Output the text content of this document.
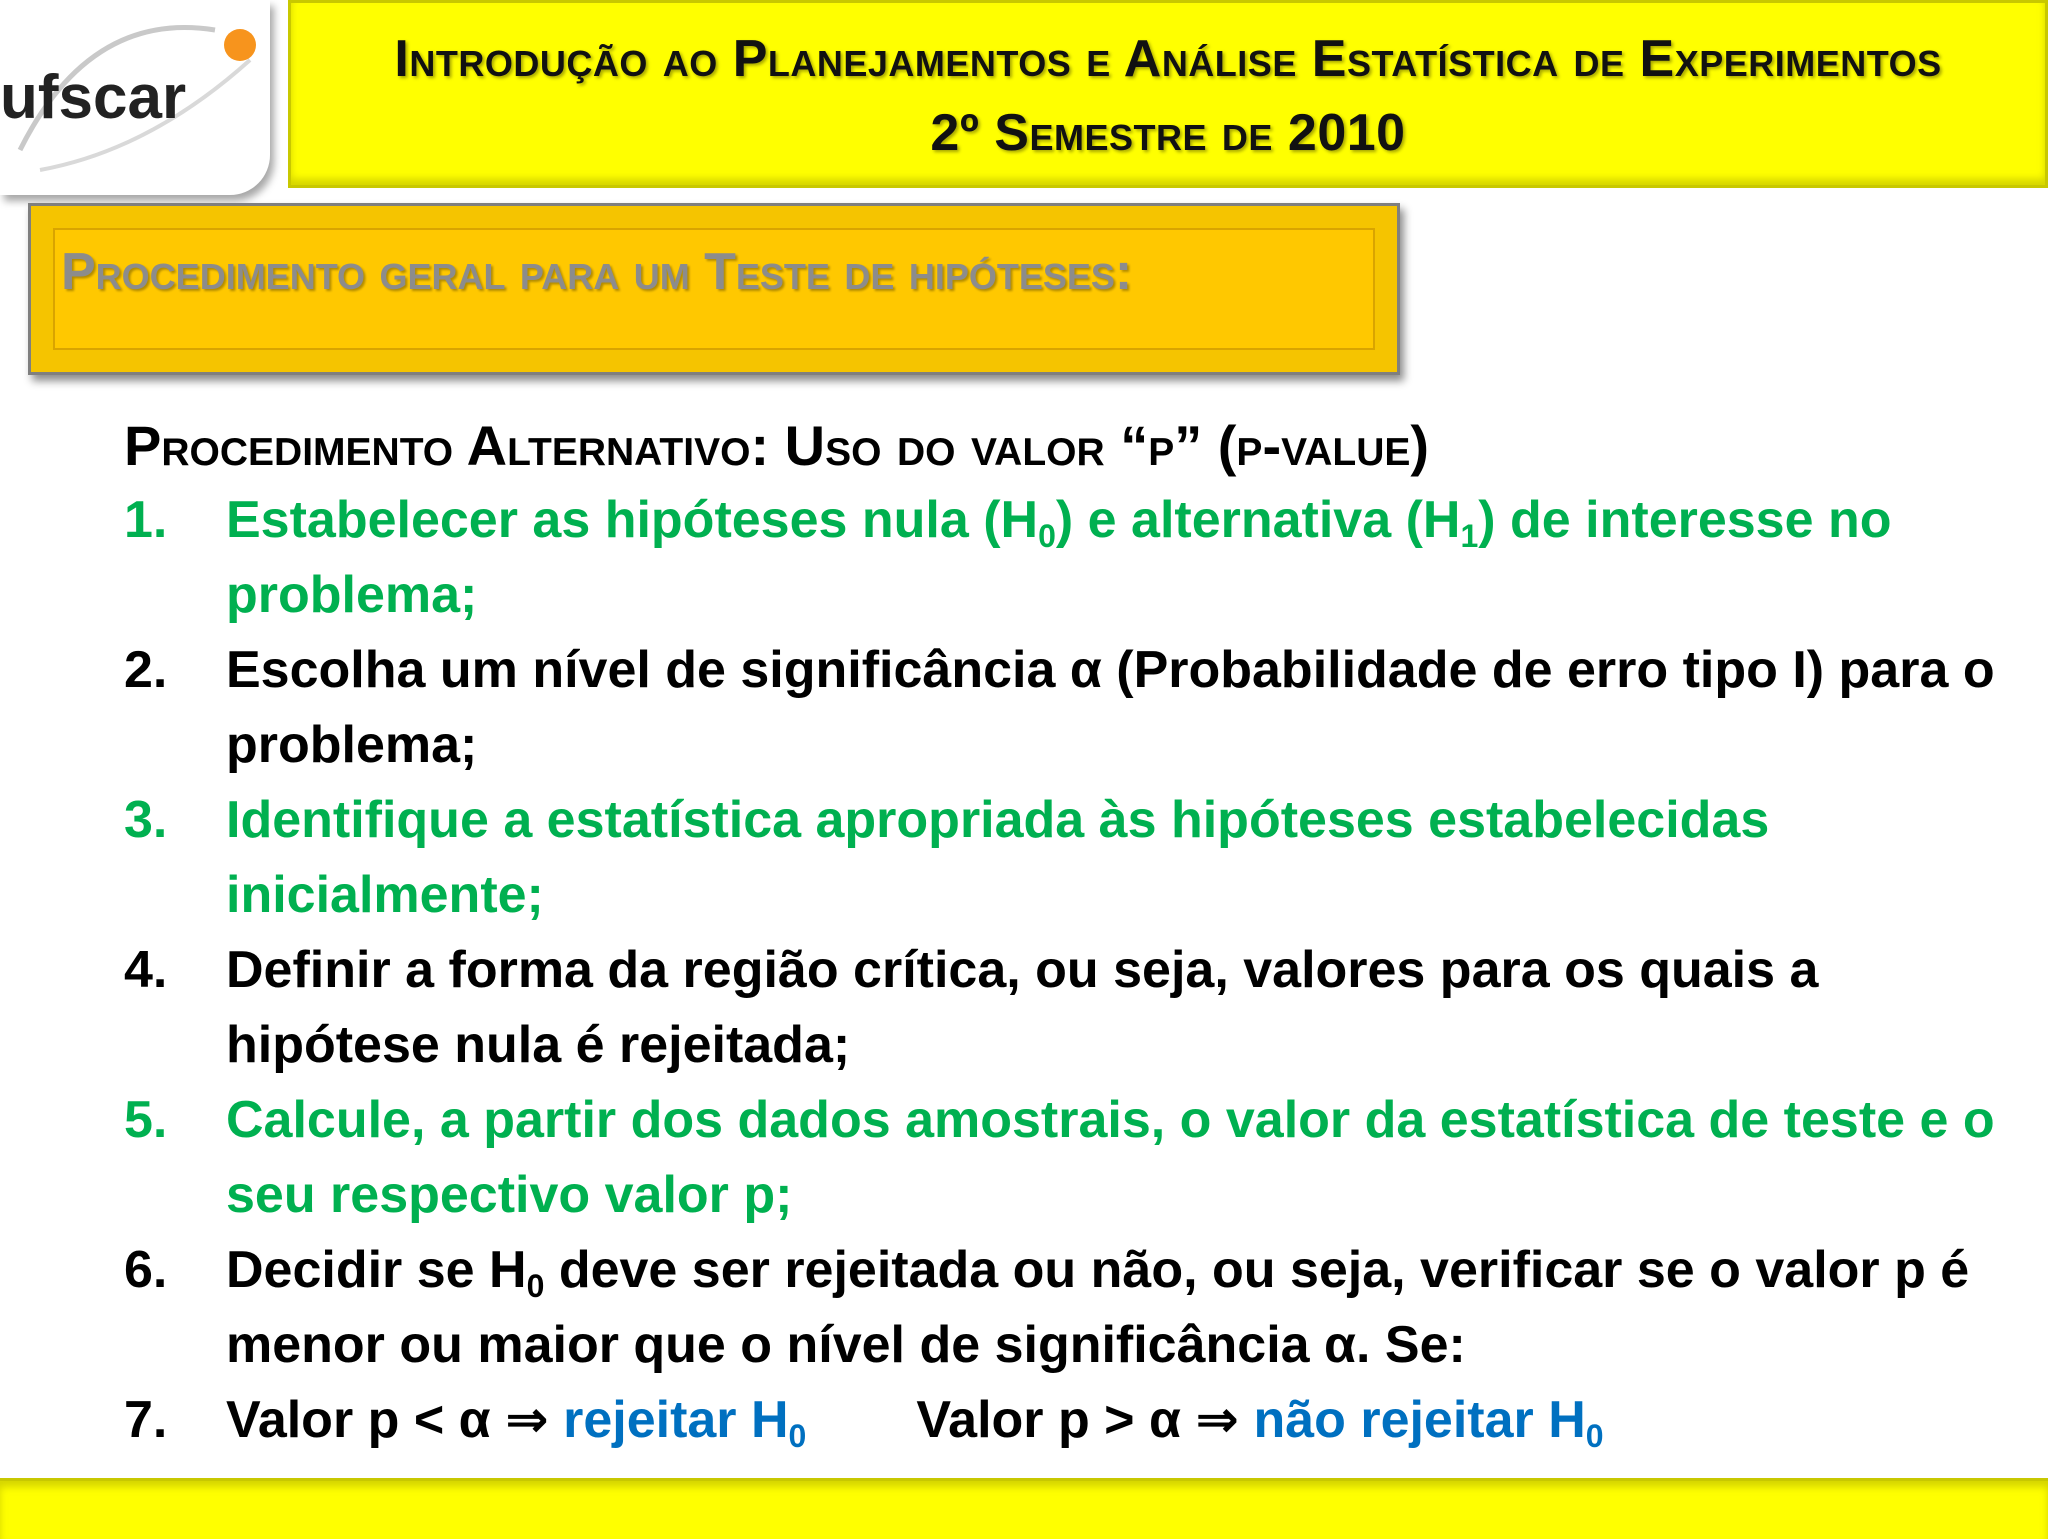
ufscar
Introdução ao Planejamentos e Análise Estatística de Experimentos
2º Semestre de 2010
Procedimento geral para um Teste de hipóteses:
Procedimento Alternativo: Uso do valor “p” (p-value)
1. Estabelecer as hipóteses nula $(H_0)$ e alternativa $(H_1)$ de interesse no problema;
2. Escolha um nível de significância α (Probabilidade de erro tipo I) para o problema;
3. Identifique a estatística apropriada às hipóteses estabelecidas inicialmente;
4. Definir a forma da região crítica, ou seja, valores para os quais a hipótese nula é rejeitada;
5. Calcule, a partir dos dados amostrais, o valor da estatística de teste e o seu respectivo valor p;
6. Decidir se $H_0$ deve ser rejeitada ou não, ou seja, verificar se o valor p é menor ou maior que o nível de significância α. Se:
7. Valor p < α ⇒ rejeitar $H_0$ Valor p > α ⇒ não rejeitar $H_0$
